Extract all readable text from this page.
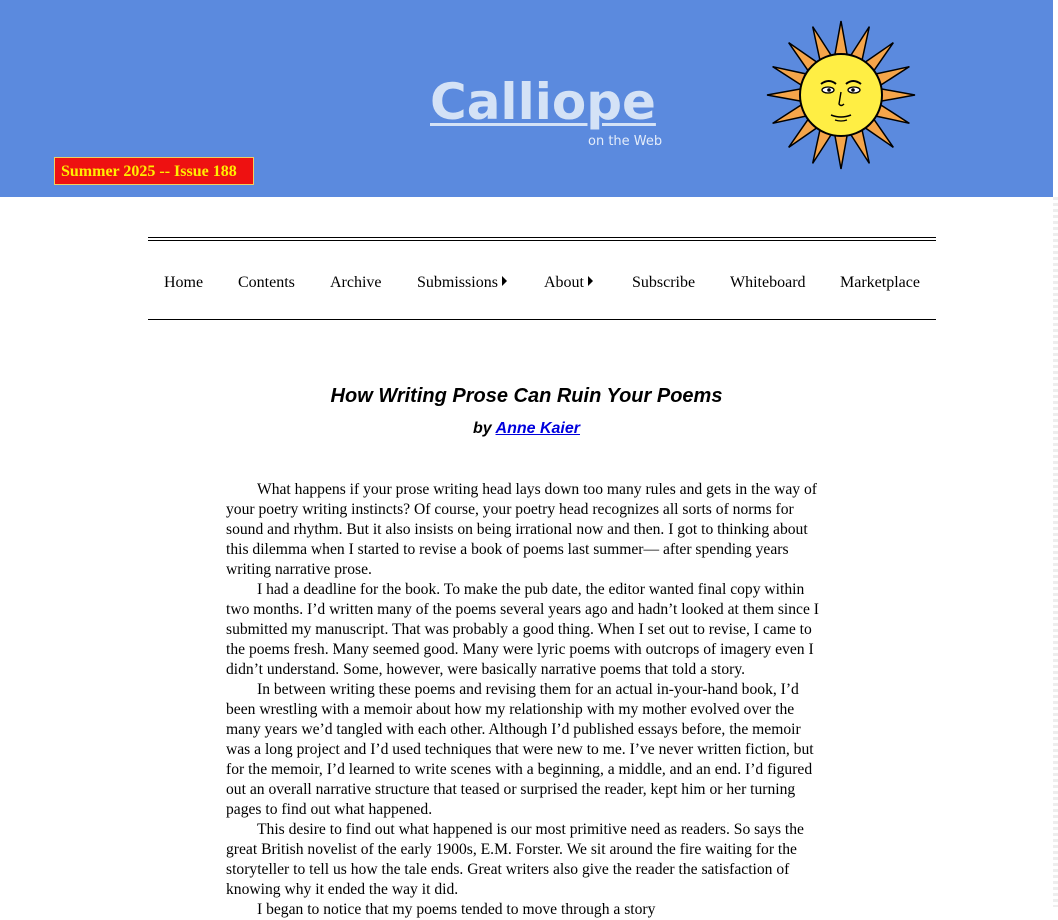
Calliope
on the Web
Summer 2025 -- Issue 188
Home Contents Archive Submissions	About	Subscribe Whiteboard Marketplace
How Writing Prose Can Ruin Your Poems
by Anne Kaier

What happens if your prose writing head lays down too many rules and gets in the way of your poetry writing instincts? Of course, your poetry head recognizes all sorts of norms for sound and rhythm. But it also insists on being irrational now and then. I got to thinking about this dilemma when I started to revise a book of poems last summer— after spending years writing narrative prose.

I had a deadline for the book. To make the pub date, the editor wanted final copy within two months. I’d written many of the poems several years ago and hadn’t looked at them since I submitted my manuscript. That was probably a good thing. When I set out to revise, I came to the poems fresh. Many seemed good. Many were lyric poems with outcrops of imagery even I didn’t understand. Some, however, were basically narrative poems that told a story.

In between writing these poems and revising them for an actual in-your-hand book, I’d been wrestling with a memoir about how my relationship with my mother evolved over the many years we’d tangled with each other. Although I’d published essays before, the memoir was a long project and I’d used techniques that were new to me. I’ve never written fiction, but for the memoir, I’d learned to write scenes with a beginning, a middle, and an end. I’d figured out an overall narrative structure that teased or surprised the reader, kept him or her turning pages to find out what happened.

This desire to find out what happened is our most primitive need as readers. So says the great British novelist of the early 1900s, E.M. Forster. We sit around the fire waiting for the storyteller to tell us how the tale ends. Great writers also give the reader the satisfaction of knowing why it ended the way it did.

I began to notice that my poems tended to move through a story
